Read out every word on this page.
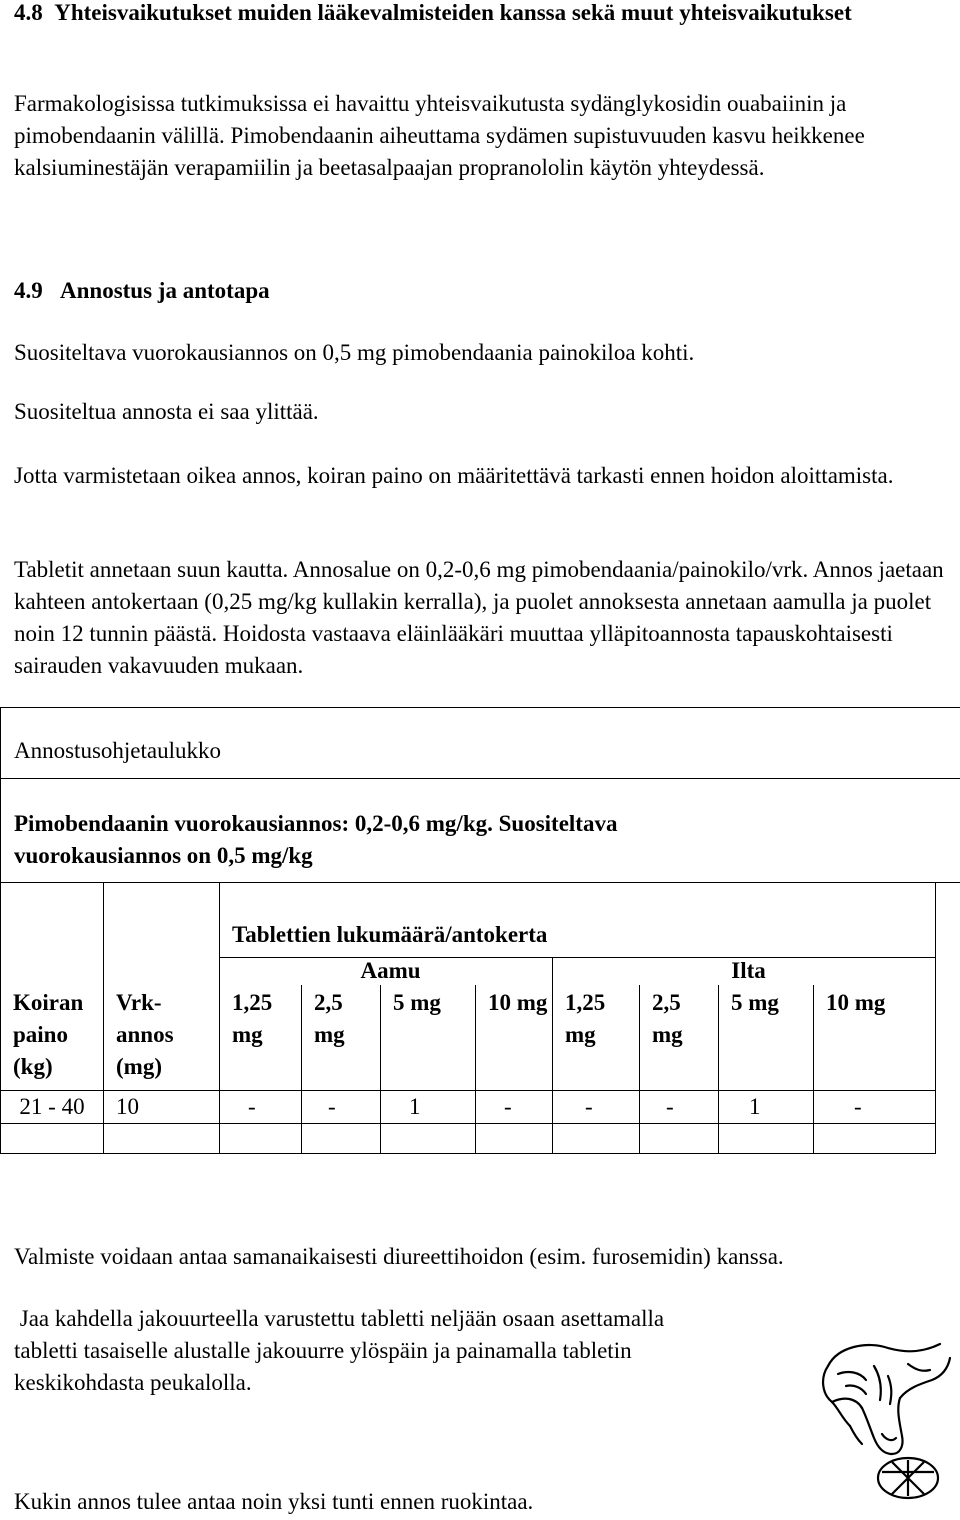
4.8  Yhteisvaikutukset muiden lääkevalmisteiden kanssa sekä muut yhteisvaikutukset

Farmakologisissa tutkimuksissa ei havaittu yhteisvaikutusta sydänglykosidin ouabaiinin ja pimobendaanin välillä. Pimobendaanin aiheuttama sydämen supistuvuuden kasvu heikkenee kalsiuminestäjän verapamiilin ja beetasalpaajan propranololin käytön yhteydessä.

4.9   Annostus ja antotapa

Suositeltava vuorokausiannos on 0,5 mg pimobendaania painokiloa kohti.

Suositeltua annosta ei saa ylittää.

Jotta varmistetaan oikea annos, koiran paino on määritettävä tarkasti ennen hoidon aloittamista.

Tabletit annetaan suun kautta. Annosalue on 0,2‐0,6 mg pimobendaania/painokilo/vrk. Annos jaetaan kahteen antokertaan (0,25 mg/kg kullakin kerralla), ja puolet annoksesta annetaan aamulla ja puolet noin 12 tunnin päästä. Hoidosta vastaava eläinlääkäri muuttaa ylläpitoannosta tapauskohtaisesti sairauden vakavuuden mukaan.

Annostusohjetaulukko
Pimobendaanin vuorokausiannos: 0,2‐0,6 mg/kg. Suositeltava vuorokausiannos on 0,5 mg/kg
		Tablettien lukumäärä/antokerta							
		Aamu				Ilta			
Koiran paino (kg)	Vrk-annos (mg)	1,25 mg	2,5 mg	5 mg	10 mg	1,25 mg	2,5 mg	5 mg	10 mg
21 - 40	10	-	-	1	-	-	-	1	-

Valmiste voidaan antaa samanaikaisesti diureettihoidon (esim. furosemidin) kanssa.

Jaa kahdella jakouurteella varustettu tabletti neljään osaan asettamalla tabletti tasaiselle alustalle jakouurre ylöspäin ja painamalla tabletin keskikohdasta peukalolla.

Kukin annos tulee antaa noin yksi tunti ennen ruokintaa.
